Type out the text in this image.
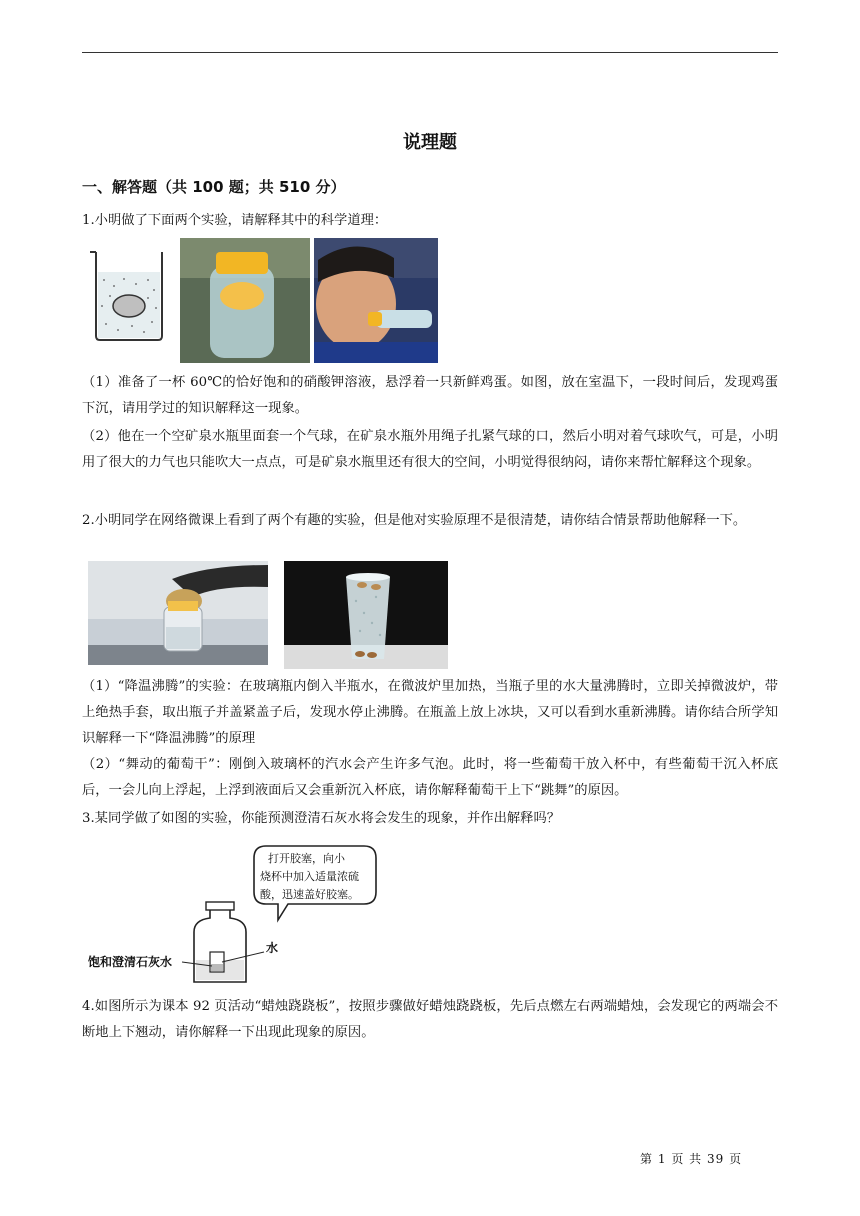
说理题
一、解答题（共 100 题；共 510 分）
1.小明做了下面两个实验，请解释其中的科学道理：
（1）准备了一杯 60℃的恰好饱和的硝酸钾溶液，悬浮着一只新鲜鸡蛋。如图，放在室温下，一段时间后，发现鸡蛋下沉，请用学过的知识解释这一现象。
（2）他在一个空矿泉水瓶里面套一个气球，在矿泉水瓶外用绳子扎紧气球的口，然后小明对着气球吹气，可是，小明用了很大的力气也只能吹大一点点，可是矿泉水瓶里还有很大的空间，小明觉得很纳闷，请你来帮忙解释这个现象。
2.小明同学在网络微课上看到了两个有趣的实验，但是他对实验原理不是很清楚，请你结合情景帮助他解释一下。
（1）“降温沸腾”的实验：在玻璃瓶内倒入半瓶水，在微波炉里加热，当瓶子里的水大量沸腾时，立即关掉微波炉，带上绝热手套，取出瓶子并盖紧盖子后，发现水停止沸腾。在瓶盖上放上冰块，又可以看到水重新沸腾。请你结合所学知识解释一下“降温沸腾”的原理
（2）“舞动的葡萄干”：刚倒入玻璃杯的汽水会产生许多气泡。此时，将一些葡萄干放入杯中，有些葡萄干沉入杯底后，一会儿向上浮起，上浮到液面后又会重新沉入杯底，请你解释葡萄干上下“跳舞”的原因。
3.某同学做了如图的实验，你能预测澄清石灰水将会发生的现象，并作出解释吗？
打开胶塞，向小
烧杯中加入适量浓硫
酸，迅速盖好胶塞。
饱和澄清石灰水
水
4.如图所示为课本 92 页活动“蜡烛跷跷板”，按照步骤做好蜡烛跷跷板，先后点燃左右两端蜡烛，会发现它的两端会不断地上下翘动，请你解释一下出现此现象的原因。
第 1 页 共 39 页
